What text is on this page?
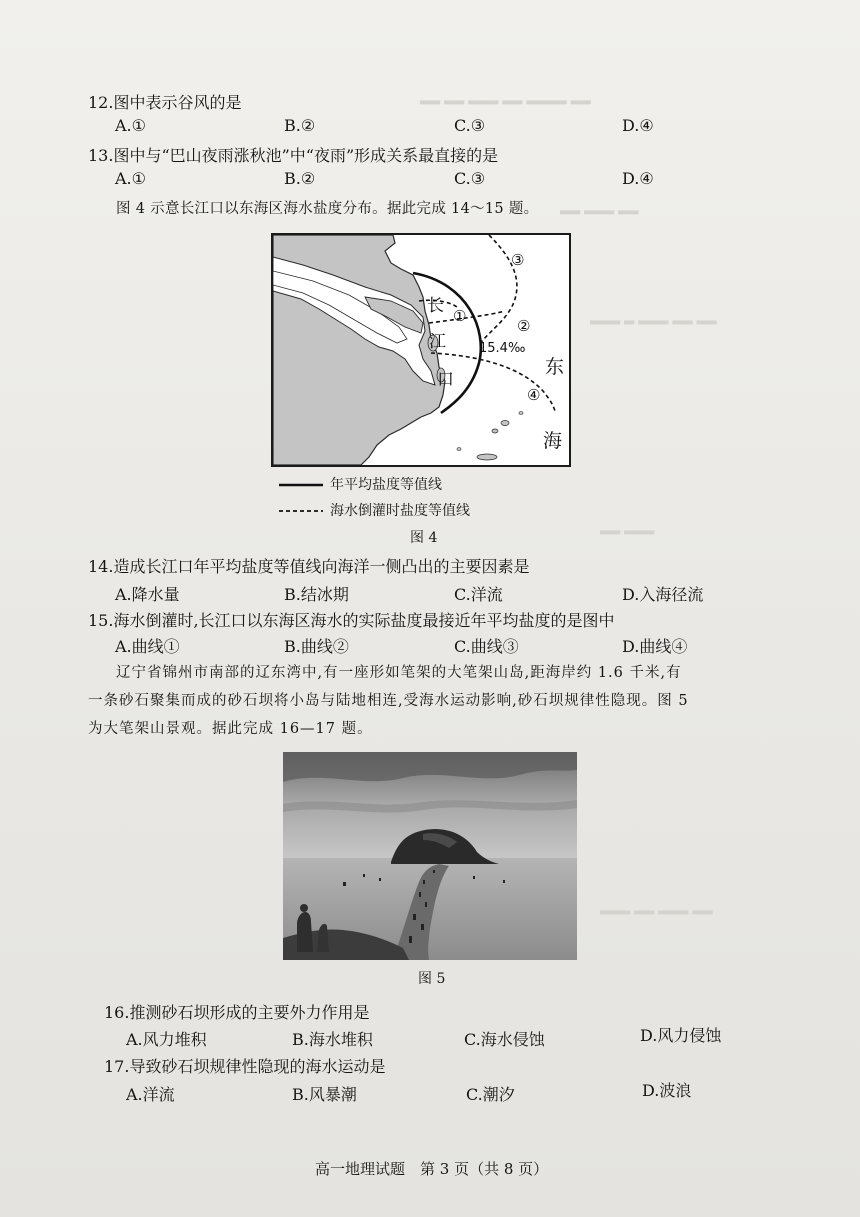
▂▂ ▂▂ ▂▂▂ ▂▂ ▂▂▂▂ ▂▂
▂▂ ▂▂▂ ▂▂
▂▂▂ ▂ ▂▂▂ ▂▂ ▂▂
▂▂ ▂▂▂
▂▂▂ ▂▂ ▂▂▂ ▂▂
12.图中表示谷风的是
A.①	B.②	C.③	D.④
13.图中与“巴山夜雨涨秋池”中“夜雨”形成关系最直接的是
A.①	B.②	C.③	D.④
图 4 示意长江口以东海区海水盐度分布。据此完成 14～15 题。
①
②
③
④
15.4‰
长
江
口
东
海
年平均盐度等值线
海水倒灌时盐度等值线
图 4
14.造成长江口年平均盐度等值线向海洋一侧凸出的主要因素是
A.降水量	B.结冰期	C.洋流	D.入海径流
15.海水倒灌时,长江口以东海区海水的实际盐度最接近年平均盐度的是图中
A.曲线①	B.曲线②	C.曲线③	D.曲线④
辽宁省锦州市南部的辽东湾中,有一座形如笔架的大笔架山岛,距海岸约 1.6 千米,有
一条砂石聚集而成的砂石坝将小岛与陆地相连,受海水运动影响,砂石坝规律性隐现。图 5
为大笔架山景观。据此完成 16—17 题。
图 5
16.推测砂石坝形成的主要外力作用是
A.风力堆积	B.海水堆积	C.海水侵蚀	D.风力侵蚀
17.导致砂石坝规律性隐现的海水运动是
A.洋流	B.风暴潮	C.潮汐	D.波浪
高一地理试题　第 3 页（共 8 页）
